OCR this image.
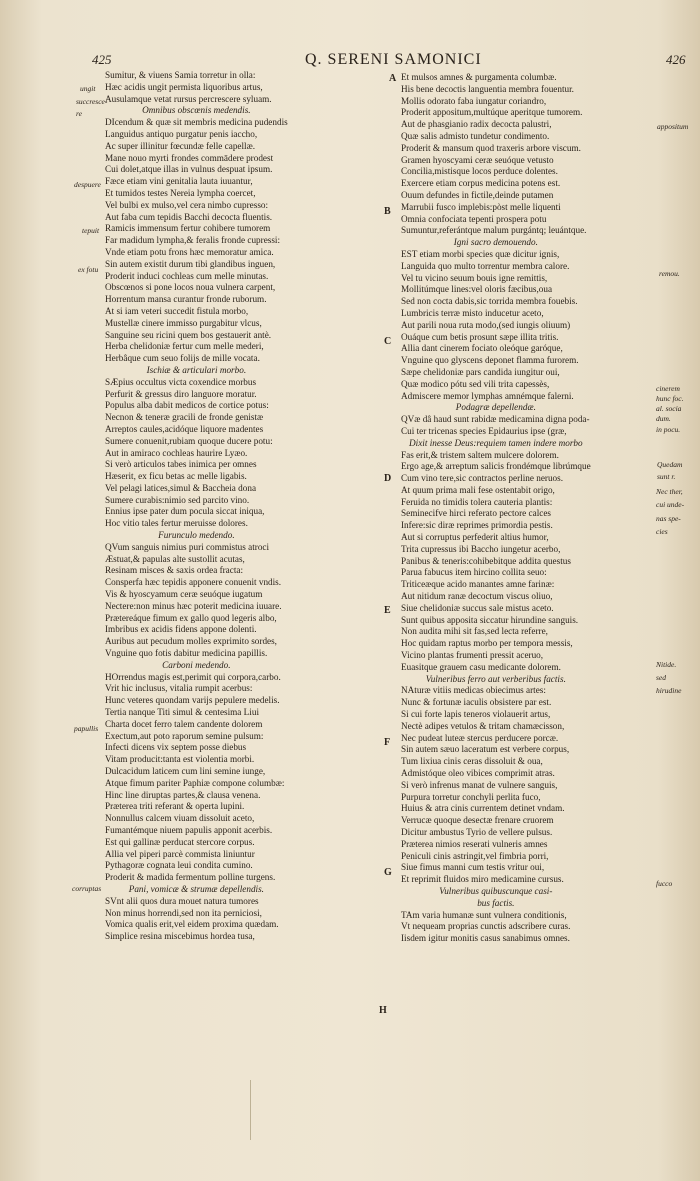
425	Q. SERENI SAMONICI	426
Sumitur, & viuens Samia torretur in olla:
Hæc acidis ungit permista liquoribus artus,
Ausulamque vetat rursus percrescere syluam.
Omnibus obscœnis medendis.
DIcendum & quæ sit membris medicina pudendis
Languidus antiquo purgatur penis iaccho,
Ac super illinitur fœcundæ felle capellæ.
Mane nouo myrti frondes commādere prodest
Cui dolet,atque illas in vulnus despuat ipsum.
Fæce etiam vini genitalia lauta iuuantur,
Et tumidos testes Nereia lympha coercet,
Vel bulbi ex mulso,vel cera nimbo cupresso:
Aut faba cum tepidis Bacchi decocta fluentis.
Ramicis immensum fertur cohibere tumorem
Far madidum lympha,& feralis fronde cupressi:
Vnde etiam potu frons hæc memoratur amica.
Sin autem existit durum tibi glandibus inguen,
Proderit induci cochleas cum melle minutas.
Obscœnos si pone locos noua vulnera carpent,
Horrentum mansa curantur fronde ruborum.
At si iam veteri succedit fistula morbo,
Mustellæ cinere immisso purgabitur vlcus,
Sanguine seu ricini quem bos gestauerit antè.
Herba chelidoniæ fertur cum melle mederi,
Herbâque cum seuo folijs de mille vocata.
Ischiæ & articulari morbo.
SÆpius occultus victa coxendice morbus
Perfurit & gressus diro languore moratur.
Populus alba dabit medicos de cortice potus:
Necnon & teneræ gracili de fronde genistæ
Arreptos caules,acidóque liquore madentes
Sumere conuenit,rubiam quoque ducere potu:
Aut in amiraco cochleas haurire Lyæo.
Si verò articulos tabes inimica per omnes
Hæserit, ex ficu betas ac melle ligabis.
Vel pelagi latices,simul & Baccheia dona
Sumere curabis:nimio sed parcito vino.
Ennius ipse pater dum pocula siccat iniqua,
Hoc vitio tales fertur meruisse dolores.
Furunculo medendo.
QVum sanguis nimius puri commistus atroci
Æstuat,& papulas alte sustollit acutas,
Resinam misces & saxis ordea fracta:
Consperfa hæc tepidis apponere conuenit vndis.
Vis & hyoscyamum ceræ seuóque iugatum
Nectere:non minus hæc poterit medicina iuuare.
Prætereáque fimum ex gallo quod legeris albo,
Imbribus ex acidis fidens appone dolenti.
Auribus aut pecudum molles exprimito sordes,
Vnguine quo fotis dabitur medicina papillis.
Carboni medendo.
HOrrendus magis est,perimit qui corpora,carbo.
Vrit hic inclusus, vitalia rumpit acerbus:
Hunc veteres quondam varijs pepulere medelis.
Tertia nanque Titi simul & centesima Liui
Charta docet ferro talem candente dolorem
Exectum,aut poto raporum semine pulsum:
Infecti dicens vix septem posse diebus
Vitam producit:tanta est violentia morbi.
Dulcacidum laticem cum lini semine iunge,
Atque fimum pariter Paphiæ compone columbæ:
Hinc line diruptas partes,& clausa venena.
Præterea triti referant & operta lupini.
Nonnullus calcem viuam dissoluit aceto,
Fumantémque niuem papulis apponit acerbis.
Est qui gallinæ perducat stercore corpus.
Allia vel piperi parcè commista liniuntur
Pythagoræ cognata leui condita cumino.
Proderit & madida fermentum polline turgens.
Pani, vomicæ & strumæ depellendis.
SVnt alii quos dura mouet natura tumores
Non minus horrendi,sed non ita perniciosi,
Vomica qualis erit,vel eidem proxima quædam.
Simplice resina miscebimus hordea tusa,
Et mulsos amnes & purgamenta columbæ.
His bene decoctis languentia membra fouentur.
Mollis odorato faba iungatur coriandro,
Proderit appositum,multúque aperitque tumorem.
Aut de phasgianio radix decocta palustri,
Quæ salis admisto tundetur condimento.
Proderit & mansum quod traxeris arbore viscum.
Gramen hyoscyami ceræ seuóque vetusto
Concilia,mistisque locos perduce dolentes.
Exercere etiam corpus medicina potens est.
Ouum defundes in fictile,deinde putamen
Marrubii fusco implebis:pòst melle liquenti
Omnia confociata tepenti prospera potu
Sumuntur,referántque malum purgántq; leuántque.
Igni sacro demouendo.
EST etiam morbi species quæ dicitur ignis,
Languida quo multo torrentur membra calore.
Vel tu vicino seuum bouis igne remittis,
Mollitúmque lines:vel oloris fæcibus,oua
Sed non cocta dabis,sic torrida membra fouebis.
Lumbricis terræ misto inducetur aceto,
Aut parili noua ruta modo,(sed iungis oliuum)
Ouáque cum betis prosunt sæpe illita tritis.
Allia dant cinerem fociato oleóque garóque,
Vnguine quo glyscens deponet flamma furorem.
Sæpe chelidoniæ pars candida iungitur oui,
Quæ modico pótu sed vili trita capessès,
Admiscere memor lymphas amnémque falerni.
Podagræ depellendæ.
QVæ dâ haud sunt rabidæ medicamina digna poda-
Cui ter tricenas species Epidaurius ipse (græ,
Dixit inesse Deus:requiem tamen indere morbo
Fas erit,& tristem saltem mulcere dolorem.
Ergo age,& arreptum salicis frondémque librúmque
Cum vino tere,sic contractos perline neruos.
At quum prima mali fese ostentabit origo,
Feruida no timidis tolera cauteria plantis:
Seminecifve hirci referato pectore calces
Infere:sic diræ reprimes primordia pestis.
Aut si corruptus perfederit altius humor,
Trita cupressus ibi Baccho iungetur acerbo,
Panibus & teneris:cohibebitque addita questus
Parua fabucus item hircino collita seuo:
Triticeæque acido manantes amne farinæ:
Aut nitidum ranæ decoctum viscus oliuo,
Siue chelidoniæ succus sale mistus aceto.
Sunt quibus apposita siccatur hirundine sanguis.
Non audita mihi sit fas,sed lecta referre,
Hoc quidam raptus morbo per tempora messis,
Vicino plantas frumenti pressit aceruo,
Euasitque grauem casu medicante dolorem.
Vulneribus ferro aut verberibus factis.
NAturæ vitiis medicas obiecimus artes:
Nunc & fortunæ iaculis obsistere par est.
Si cui forte lapis teneros violauerit artus,
Nectè adipes vetulos & tritam chamæcisson,
Nec pudeat luteæ stercus perducere porcæ.
Sin autem sæuo laceratum est verbere corpus,
Tum lixiua cinis ceras dissoluit & oua,
Admistóque oleo vibices comprimit atras.
Si verò infrenus manat de vulnere sanguis,
Purpura torretur conchyli perlita fuco,
Huius & atra cinis currentem detinet vndam.
Verrucæ quoque desectæ frenare cruorem
Dicitur ambustus Tyrio de vellere pulsus.
Præterea nimios reserati vulneris amnes
Peniculi cinis astringit,vel fimbria porri,
Siue fimus manni cum testis vritur oui,
Et reprimit fluidos miro medicamine cursus.
Vulneribus quibuscunque casi-
bus factis.
TAm varia humanæ sunt vulnera conditionis,
Vt nequeam proprias cunctis adscribere curas.
Iisdem igitur monitis casus sanabimus omnes.
ungit
succresce-
re
despuere
tepuit
ex fotu
papullis
corruptas
appositum
remou.
cinerem
hunc foc.
al. socia
dum.
in pocu.
Quedam
sunt r.
Nec ther,
cui unde-
nas spe-
cies
Nitide.
sed
hirudine
fucco
A
B
C
D
E
F
G
H
